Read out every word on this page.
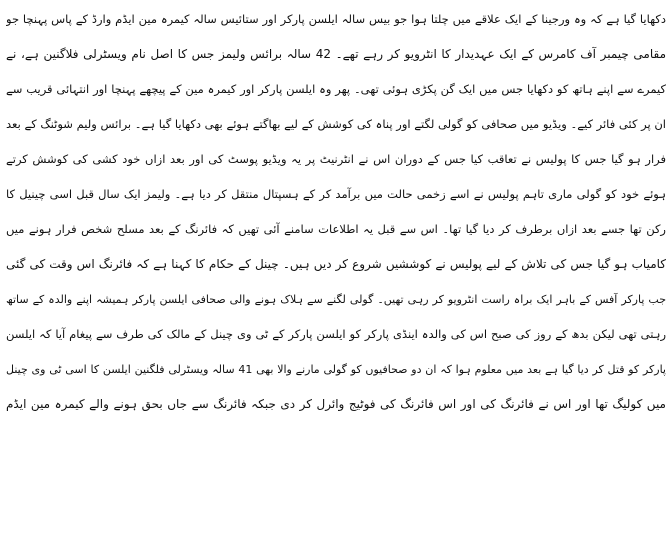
دکھایا گیا ہے کہ وہ ورجینا کے ایک علاقے میں چلتا ہوا جو بیس سالہ ایلسن پارکر اور ستائیس سالہ کیمرہ مین ایڈم وارڈ کے پاس پہنچا جو
مقامی چیمبر آف کامرس کے ایک عہدیدار کا انٹرویو کر رہے تھے۔ 42 سالہ برائس ولیمز جس کا اصل نام ویسٹرلی فلاگنین ہے، نے
کیمرے سے اپنے ہاتھ کو دکھایا جس میں ایک گن پکڑی ہوئی تھی۔ پھر وہ ایلسن پارکر اور کیمرہ مین کے پیچھے پہنچا اور انتہائی قریب سے
ان پر کئی فائر کیے۔ ویڈیو میں صحافی کو گولی لگتے اور پناہ کی کوشش کے لیے بھاگتے ہوئے بھی دکھایا گیا ہے۔ برائس ولیم شوٹنگ کے بعد
فرار ہو گیا جس کا پولیس نے تعاقب کیا جس کے دوران اس نے انٹرنیٹ پر یہ ویڈیو پوسٹ کی اور بعد ازاں خود کشی کی کوشش کرتے
ہوئے خود کو گولی ماری تاہم پولیس نے اسے زخمی حالت میں برآمد کر کے ہسپتال منتقل کر دیا ہے۔ ولیمز ایک سال قبل اسی چینیل کا
رکن تھا جسے بعد ازاں برطرف کر دیا گیا تھا۔ اس سے قبل یہ اطلاعات سامنے آئی تھیں کہ فائرنگ کے بعد مسلح شخص فرار ہونے میں
کامیاب ہو گیا جس کی تلاش کے لیے پولیس نے کوششیں شروع کر دیں ہیں۔ چینل کے حکام کا کہنا ہے کہ فائرنگ اس وقت کی گئی
جب پارکر آفس کے باہر ایک براہ راست انٹرویو کر رہی تھیں۔ گولی لگنے سے ہلاک ہونے والی صحافی ایلسن پارکر ہمیشہ اپنے والدہ کے ساتھ
رہتی تھی لیکن بدھ کے روز کی صبح اس کی والدہ اینڈی پارکر کو ایلسن پارکر کے ٹی وی چینل کے مالک کی طرف سے پیغام آیا کہ ایلسن
پارکر کو قتل کر دیا گیا ہے بعد میں معلوم ہوا کہ ان دو صحافیوں کو گولی مارنے والا بھی 41 سالہ ویسٹرلی فلگنین ایلسن کا اسی ٹی وی چینل
میں کولیگ تھا اور اس نے فائرنگ کی اور اس فائرنگ کی فوٹیج وائرل کر دی جبکہ فائرنگ سے جاں بحق ہونے والے کیمرہ مین ایڈم
